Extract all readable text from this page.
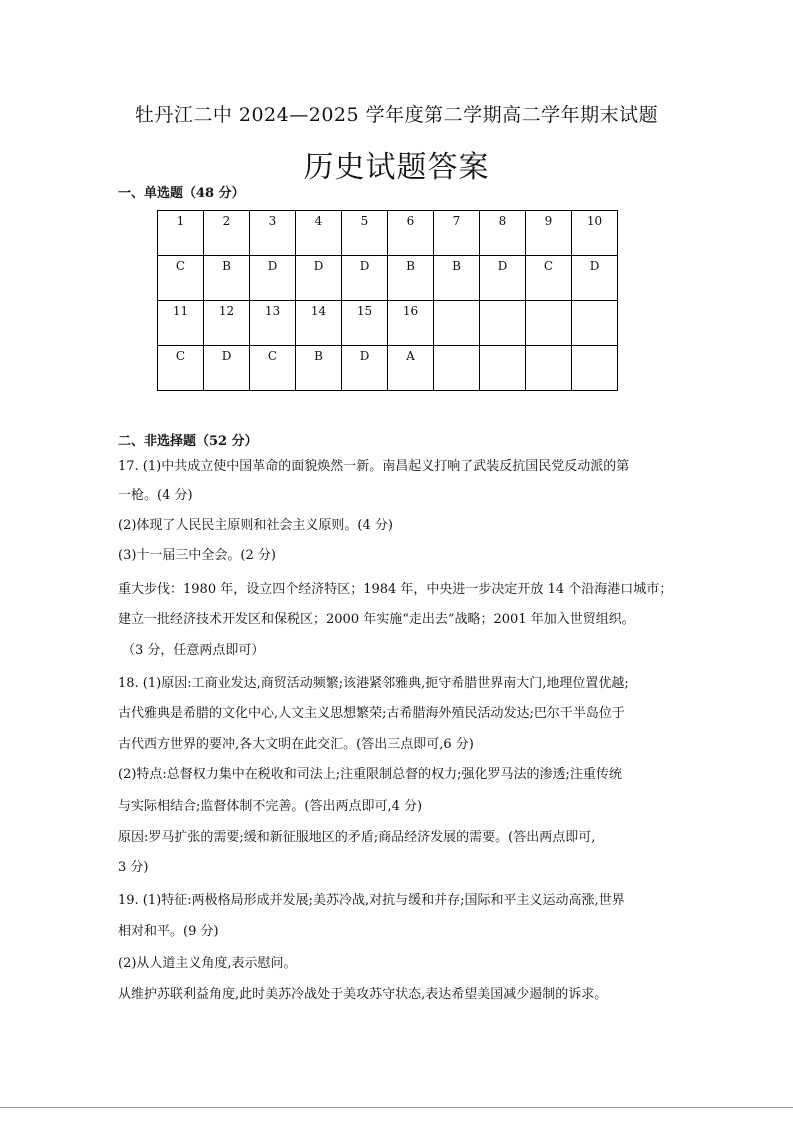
牡丹江二中 2024—2025 学年度第二学期高二学年期末试题
历史试题答案
一、单选题（48 分）
1	2	3	4	5	6	7	8	9	10
C	B	D	D	D	B	B	D	C	D
11	12	13	14	15	16				
C	D	C	B	D	A				
二、非选择题（52 分）
17. (1)中共成立使中国革命的面貌焕然一新。南昌起义打响了武装反抗国民党反动派的第
一枪。(4 分)
(2)体现了人民民主原则和社会主义原则。(4 分)
(3)十一届三中全会。(2 分)
重大步伐：1980 年，设立四个经济特区；1984 年，中央进一步决定开放 14 个沿海港口城市；
建立一批经济技术开发区和保税区；2000 年实施“走出去”战略；2001 年加入世贸组织。
（3 分，任意两点即可）
18. (1)原因:工商业发达,商贸活动频繁;该港紧邻雅典,扼守希腊世界南大门,地理位置优越;
古代雅典是希腊的文化中心,人文主义思想繁荣;古希腊海外殖民活动发达;巴尔干半岛位于
古代西方世界的要冲,各大文明在此交汇。(答出三点即可,6 分)
(2)特点:总督权力集中在税收和司法上;注重限制总督的权力;强化罗马法的渗透;注重传统
与实际相结合;监督体制不完善。(答出两点即可,4 分)
原因:罗马扩张的需要;缓和新征服地区的矛盾;商品经济发展的需要。(答出两点即可,
3 分)
19. (1)特征:两极格局形成并发展;美苏冷战,对抗与缓和并存;国际和平主义运动高涨,世界
相对和平。(9 分)
(2)从人道主义角度,表示慰问。
从维护苏联利益角度,此时美苏冷战处于美攻苏守状态,表达希望美国减少遏制的诉求。
